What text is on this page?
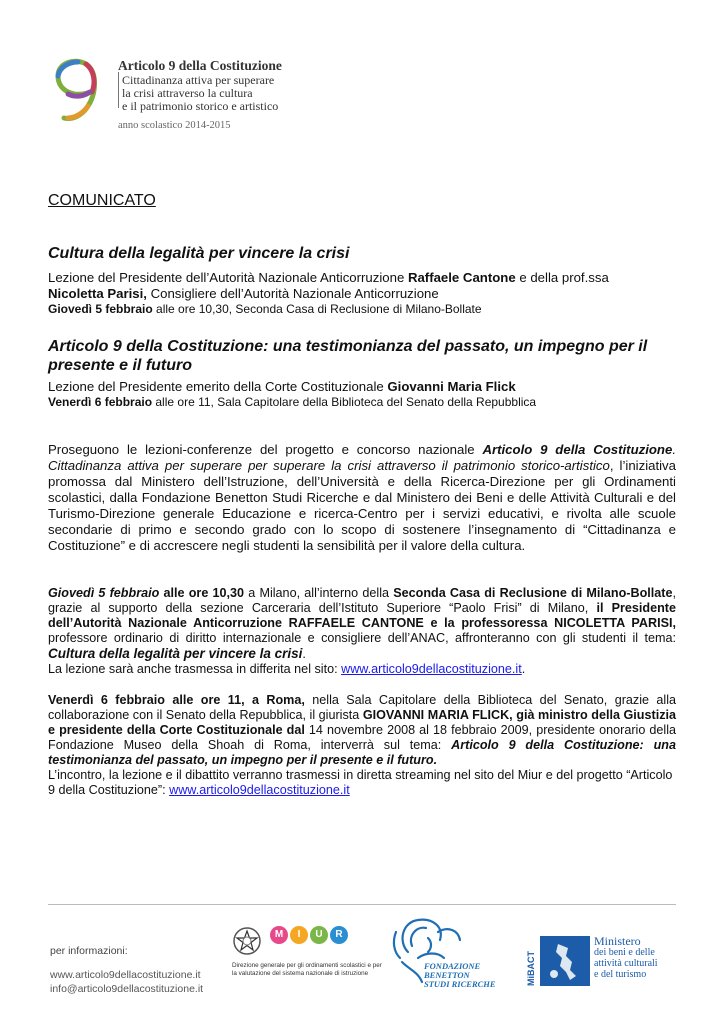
Articolo 9 della Costituzione
Cittadinanza attiva per superare
la crisi attraverso la cultura
e il patrimonio storico e artistico
anno scolastico 2014-2015
COMUNICATO
Cultura della legalità per vincere la crisi
Lezione del Presidente dell’Autorità Nazionale Anticorruzione Raffaele Cantone e della prof.ssa
Nicoletta Parisi, Consigliere dell’Autorità Nazionale Anticorruzione
Giovedì 5 febbraio alle ore 10,30, Seconda Casa di Reclusione di Milano-Bollate
Articolo 9 della Costituzione: una testimonianza del passato, un impegno per il presente e il futuro
Lezione del Presidente emerito della Corte Costituzionale Giovanni Maria Flick
Venerdì 6 febbraio alle ore 11, Sala Capitolare della Biblioteca del Senato della Repubblica
Proseguono le lezioni-conferenze del progetto e concorso nazionale Articolo 9 della Costituzione. Cittadinanza attiva per superare per superare la crisi attraverso il patrimonio storico-artistico, l’iniziativa promossa dal Ministero dell’Istruzione, dell’Università e della Ricerca-Direzione per gli Ordinamenti scolastici, dalla Fondazione Benetton Studi Ricerche e dal Ministero dei Beni e delle Attività Culturali e del Turismo-Direzione generale Educazione e ricerca-Centro per i servizi educativi, e rivolta alle scuole secondarie di primo e secondo grado con lo scopo di sostenere l’insegnamento di “Cittadinanza e Costituzione” e di accrescere negli studenti la sensibilità per il valore della cultura.
Giovedì 5 febbraio alle ore 10,30 a Milano, all’interno della Seconda Casa di Reclusione di Milano-Bollate, grazie al supporto della sezione Carceraria dell’Istituto Superiore “Paolo Frisi” di Milano, il Presidente dell’Autorità Nazionale Anticorruzione RAFFAELE CANTONE e la professoressa NICOLETTA PARISI, professore ordinario di diritto internazionale e consigliere dell’ANAC, affronteranno con gli studenti il tema: Cultura della legalità per vincere la crisi.
La lezione sarà anche trasmessa in differita nel sito: www.articolo9dellacostituzione.it.
Venerdì 6 febbraio alle ore 11, a Roma, nella Sala Capitolare della Biblioteca del Senato, grazie alla collaborazione con il Senato della Repubblica, il giurista GIOVANNI MARIA FLICK, già ministro della Giustizia e presidente della Corte Costituzionale dal 14 novembre 2008 al 18 febbraio 2009, presidente onorario della Fondazione Museo della Shoah di Roma, interverrà sul tema: Articolo 9 della Costituzione: una testimonianza del passato, un impegno per il presente e il futuro.
L’incontro, la lezione e il dibattito verranno trasmessi in diretta streaming nel sito del Miur e del progetto “Articolo 9 della Costituzione”: www.articolo9dellacostituzione.it
per informazioni:
www.articolo9dellacostituzione.it
info@articolo9dellacostituzione.it
M	I	U	R
Direzione generale per gli ordinamenti scolastici e per la valutazione del sistema nazionale di istruzione
FONDAZIONE
BENETTON
STUDI RICERCHE	MiBACT
Ministero
dei beni e delle
attività culturali
e del turismo
